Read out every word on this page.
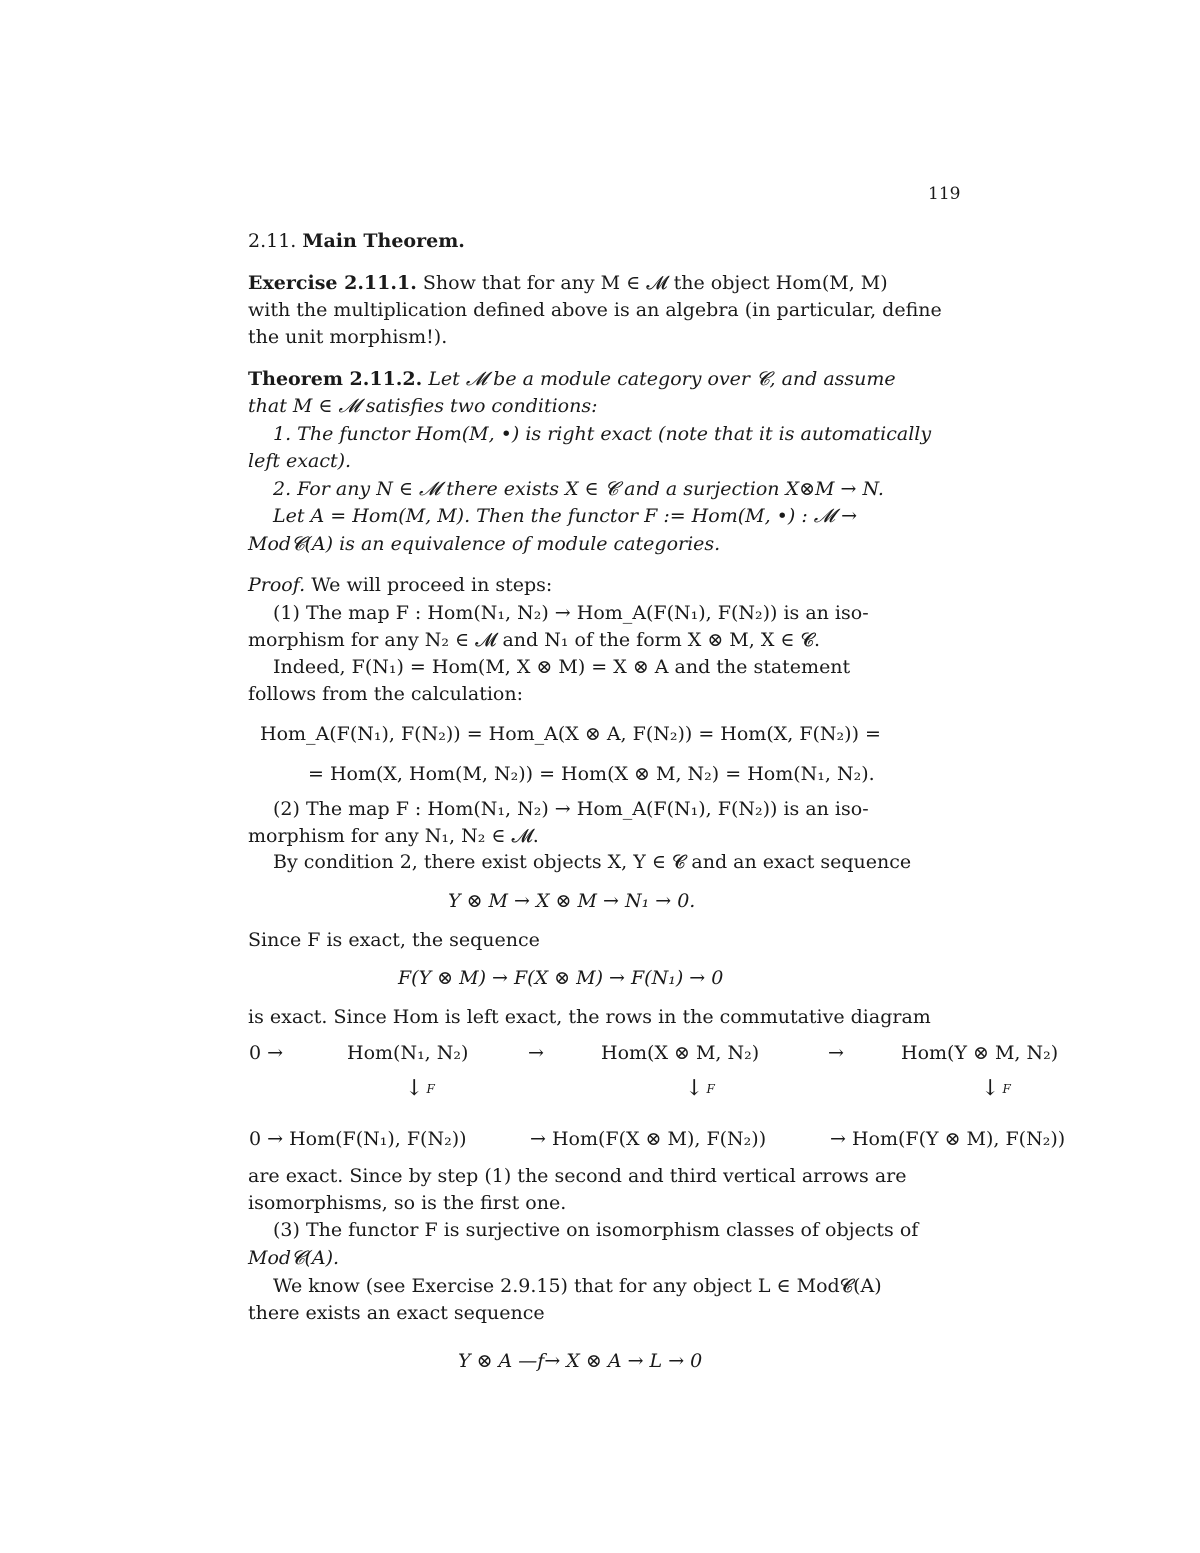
119
2.11. Main Theorem.
Exercise 2.11.1. Show that for any M ∈ 𝓜 the object Hom(M, M)
with the multiplication defined above is an algebra (in particular, define
the unit morphism!).
Theorem 2.11.2. Let 𝓜 be a module category over 𝓒, and assume
that M ∈ 𝓜 satisfies two conditions:
1. The functor Hom(M, •) is right exact (note that it is automatically
left exact).
2. For any N ∈ 𝓜 there exists X ∈ 𝓒 and a surjection X⊗M → N.
Let A = Hom(M, M). Then the functor F := Hom(M, •) : 𝓜 →
Mod𝓒(A) is an equivalence of module categories.
Proof. We will proceed in steps:
(1) The map F : Hom(N₁, N₂) → Hom_A(F(N₁), F(N₂)) is an iso-
morphism for any N₂ ∈ 𝓜 and N₁ of the form X ⊗ M, X ∈ 𝓒.
Indeed, F(N₁) = Hom(M, X ⊗ M) = X ⊗ A and the statement
follows from the calculation:
Hom_A(F(N₁), F(N₂)) = Hom_A(X ⊗ A, F(N₂)) = Hom(X, F(N₂)) =
= Hom(X, Hom(M, N₂)) = Hom(X ⊗ M, N₂) = Hom(N₁, N₂).
(2) The map F : Hom(N₁, N₂) → Hom_A(F(N₁), F(N₂)) is an iso-
morphism for any N₁, N₂ ∈ 𝓜.
By condition 2, there exist objects X, Y ∈ 𝓒 and an exact sequence
Y ⊗ M → X ⊗ M → N₁ → 0.
Since F is exact, the sequence
F(Y ⊗ M) → F(X ⊗ M) → F(N₁) → 0
is exact. Since Hom is left exact, the rows in the commutative diagram
0 →	Hom(N₁, N₂)	→	Hom(X ⊗ M, N₂)	→	Hom(Y ⊗ M, N₂)
↓ $^F$	↓ $^F$	↓ $^F$
0 → Hom(F(N₁), F(N₂))	→ Hom(F(X ⊗ M), F(N₂))	→ Hom(F(Y ⊗ M), F(N₂))
are exact. Since by step (1) the second and third vertical arrows are
isomorphisms, so is the first one.
(3) The functor F is surjective on isomorphism classes of objects of
Mod𝓒(A).
We know (see Exercise 2.9.15) that for any object L ∈ Mod𝓒(A)
there exists an exact sequence
Y ⊗ A —f→ X ⊗ A → L → 0
